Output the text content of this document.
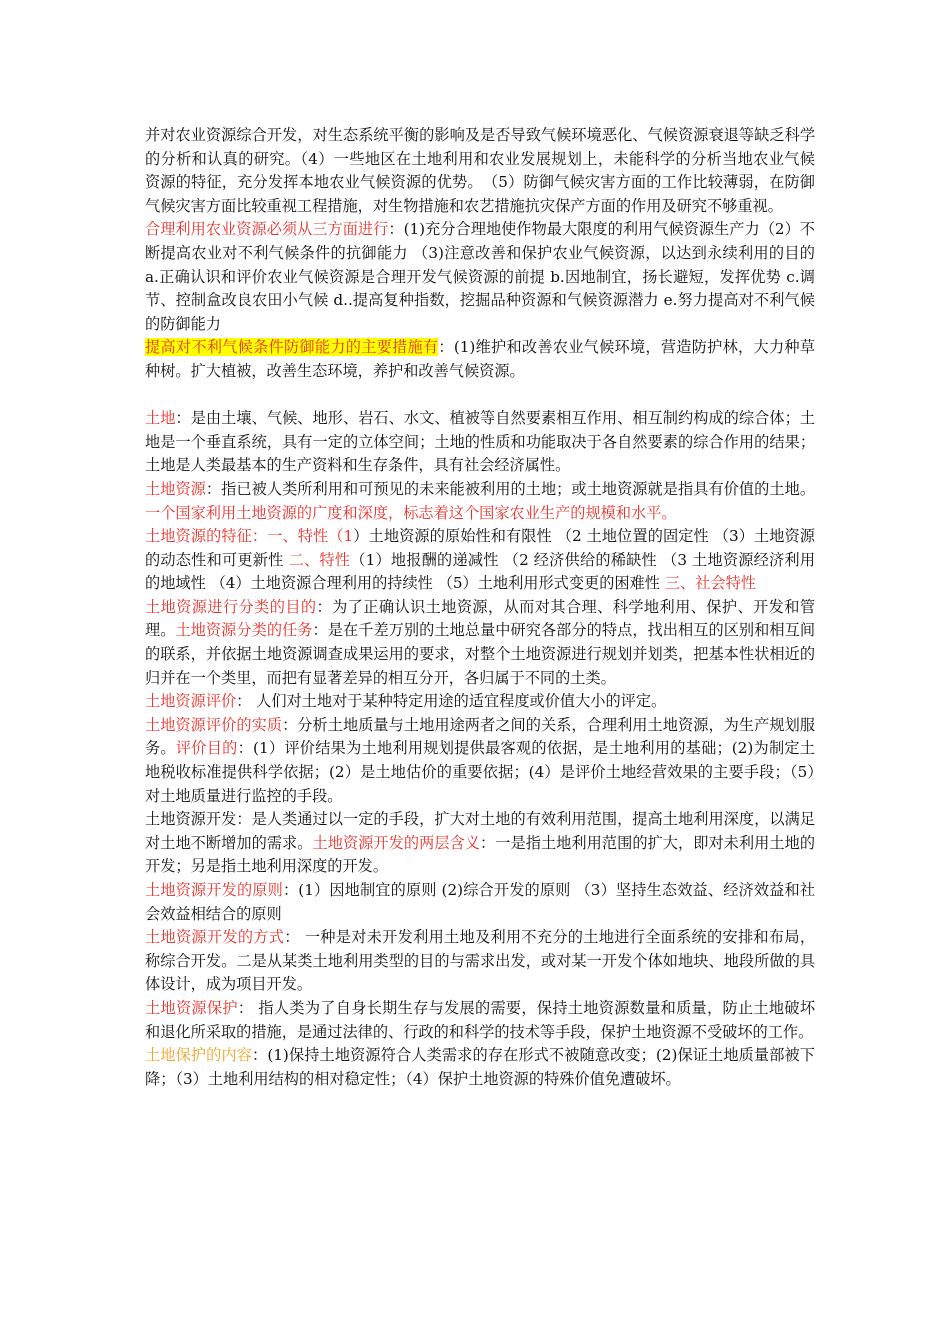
并对农业资源综合开发，对生态系统平衡的影响及是否导致气候环境恶化、气候资源衰退等缺乏科学的分析和认真的研究。（4）一些地区在土地利用和农业发展规划上，未能科学的分析当地农业气候资源的特征，充分发挥本地农业气候资源的优势。　（5）防御气候灾害方面的工作比较薄弱，在防御气候灾害方面比较重视工程措施，对生物措施和农艺措施抗灾保产方面的作用及研究不够重视。

合理利用农业资源必须从三方面进行：(1)充分合理地使作物最大限度的利用气候资源生产力（2）不断提高农业对不利气候条件的抗御能力 （3)注意改善和保护农业气候资源，以达到永续利用的目的 a.正确认识和评价农业气候资源是合理开发气候资源的前提 b.因地制宜，扬长避短，发挥优势 c.调节、控制盒改良农田小气候 d..提高复种指数，挖掘品种资源和气候资源潜力 e.努力提高对不利气候的防御能力

提高对不利气候条件防御能力的主要措施有：(1)维护和改善农业气候环境，营造防护林，大力种草种树。扩大植被，改善生态环境，养护和改善气候资源。

土地：是由土壤、气候、地形、岩石、水文、植被等自然要素相互作用、相互制约构成的综合体；土地是一个垂直系统，具有一定的立体空间；土地的性质和功能取决于各自然要素的综合作用的结果；土地是人类最基本的生产资料和生存条件，具有社会经济属性。

土地资源：指已被人类所利用和可预见的未来能被利用的土地；或土地资源就是指具有价值的土地。一个国家利用土地资源的广度和深度，标志着这个国家农业生产的规模和水平。

土地资源的特征：一、特性（1）土地资源的原始性和有限性 （2 土地位置的固定性 （3）土地资源的动态性和可更新性 二、特性（1）地报酬的递减性 （2 经济供给的稀缺性 （3 土地资源经济利用的地域性 （4）土地资源合理利用的持续性 （5）土地利用形式变更的困难性 三、社会特性

土地资源进行分类的目的：为了正确认识土地资源，从而对其合理、科学地利用、保护、开发和管理。土地资源分类的任务：是在千差万别的土地总量中研究各部分的特点，找出相互的区别和相互间的联系，并依据土地资源调查成果运用的要求，对整个土地资源进行规划并划类，把基本性状相近的归并在一个类里，而把有显著差异的相互分开，各归属于不同的土类。

土地资源评价： 人们对土地对于某种特定用途的适宜程度或价值大小的评定。

土地资源评价的实质：分析土地质量与土地用途两者之间的关系，合理利用土地资源，为生产规划服务。评价目的：(1）评价结果为土地利用规划提供最客观的依据，是土地利用的基础；(2)为制定土地税收标准提供科学依据；(2）是土地估价的重要依据；(4）是评价土地经营效果的主要手段；（5）对土地质量进行监控的手段。

土地资源开发：是人类通过以一定的手段，扩大对土地的有效利用范围，提高土地利用深度，以满足对土地不断增加的需求。土地资源开发的两层含义：一是指土地利用范围的扩大，即对未利用土地的开发；另是指土地利用深度的开发。

土地资源开发的原则：(1）因地制宜的原则 (2)综合开发的原则 （3）坚持生态效益、经济效益和社会效益相结合的原则

土地资源开发的方式： 一种是对未开发利用土地及利用不充分的土地进行全面系统的安排和布局，称综合开发。二是从某类土地利用类型的目的与需求出发，或对某一开发个体如地块、地段所做的具体设计，成为项目开发。

土地资源保护： 指人类为了自身长期生存与发展的需要，保持土地资源数量和质量，防止土地破坏和退化所采取的措施，是通过法律的、行政的和科学的技术等手段，保护土地资源不受破坏的工作。

土地保护的内容：(1)保持土地资源符合人类需求的存在形式不被随意改变；(2)保证土地质量部被下降；（3）土地利用结构的相对稳定性；（4）保护土地资源的特殊价值免遭破坏。
